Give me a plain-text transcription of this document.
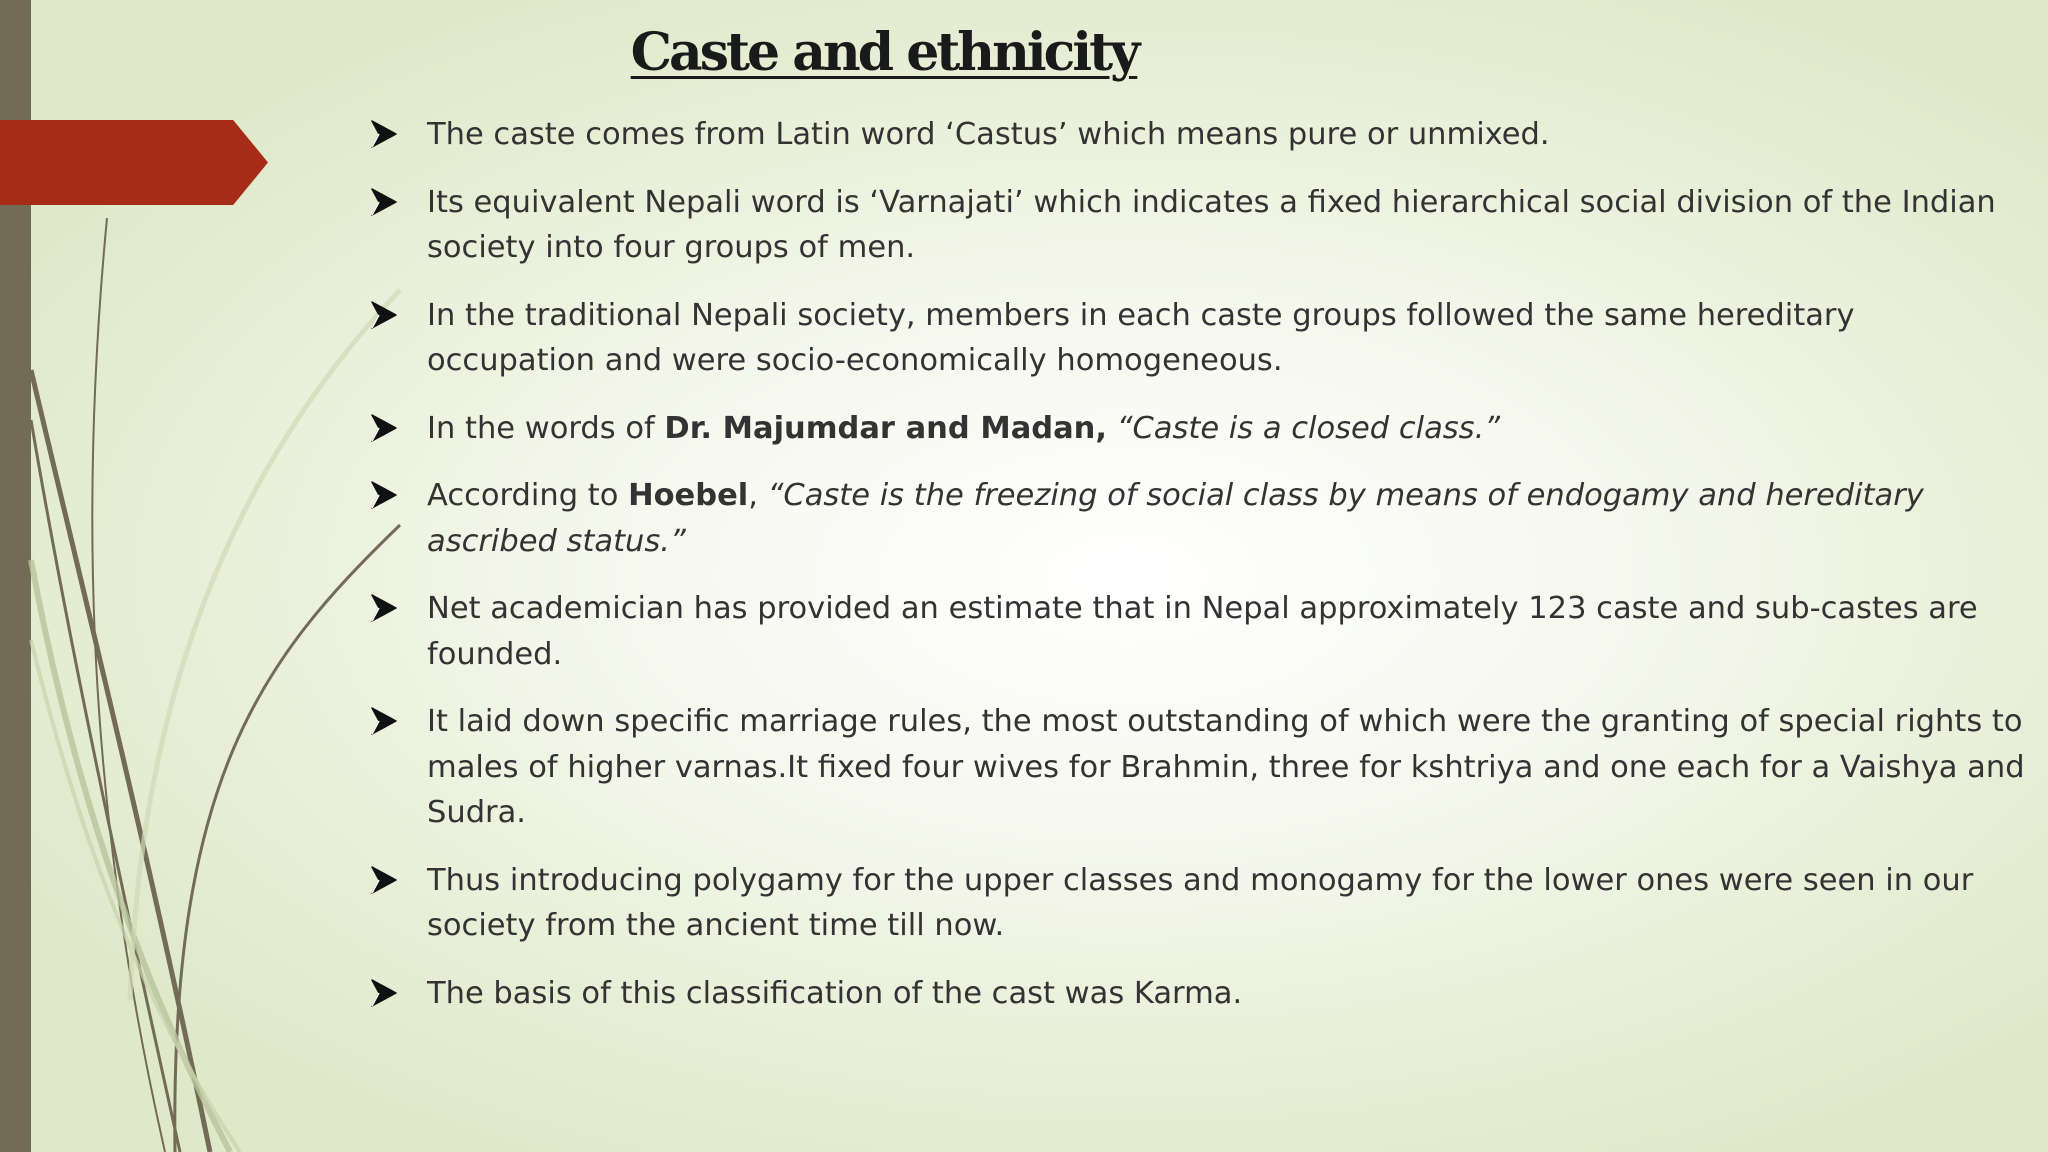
Caste and ethnicity
The caste comes from Latin word ‘Castus’ which means pure or unmixed.
Its equivalent Nepali word is ‘Varnajati’ which indicates a fixed hierarchical social division of the Indian society into four groups of men.
In the traditional Nepali society, members in each caste groups followed the same hereditary occupation and were socio-economically homogeneous.
In the words of Dr. Majumdar and Madan, “Caste is a closed class.”
According to Hoebel, “Caste is the freezing of social class by means of endogamy and hereditary ascribed status.”
Net academician has provided an estimate that in Nepal approximately 123 caste and sub-castes are founded.
It laid down specific marriage rules, the most outstanding of which were the granting of special rights to males of higher varnas.It fixed four wives for Brahmin, three for kshtriya and one each for a Vaishya and Sudra.
Thus introducing polygamy for the upper classes and monogamy for the lower ones were seen in our society from the ancient time till now.
The basis of this classification of the cast was Karma.
